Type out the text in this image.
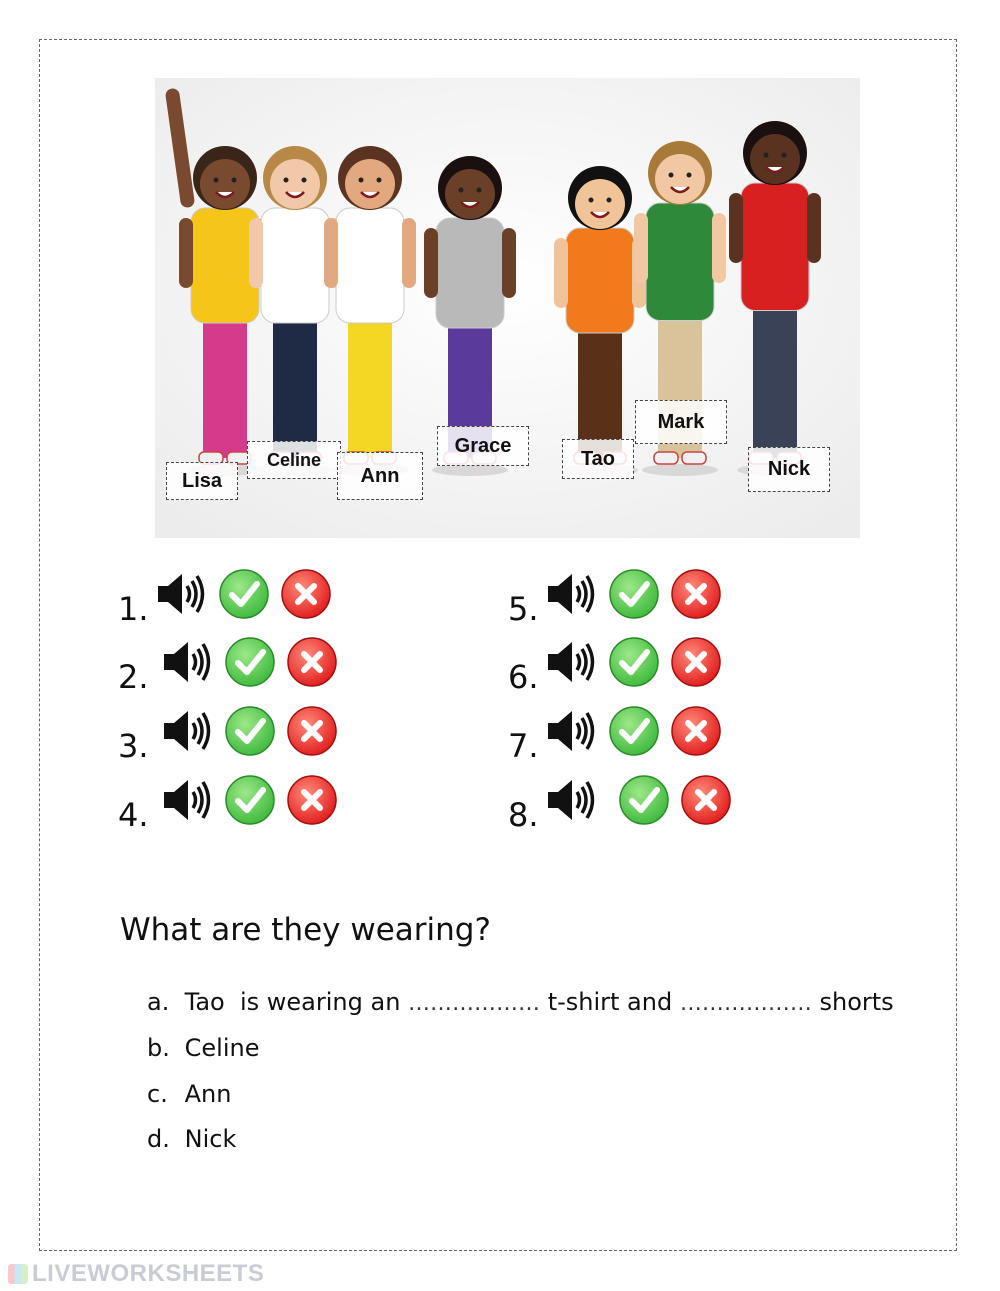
Lisa
Celine
Ann
Grace
Tao
Mark
Nick
1.
2.
3.
4.
5.
6.
7.
8.
What are they wearing?
a. Tao  is wearing an ……………… t-shirt and ……………… shorts
b. Celine
c. Ann
d. Nick
LIVEWORKSHEETS
